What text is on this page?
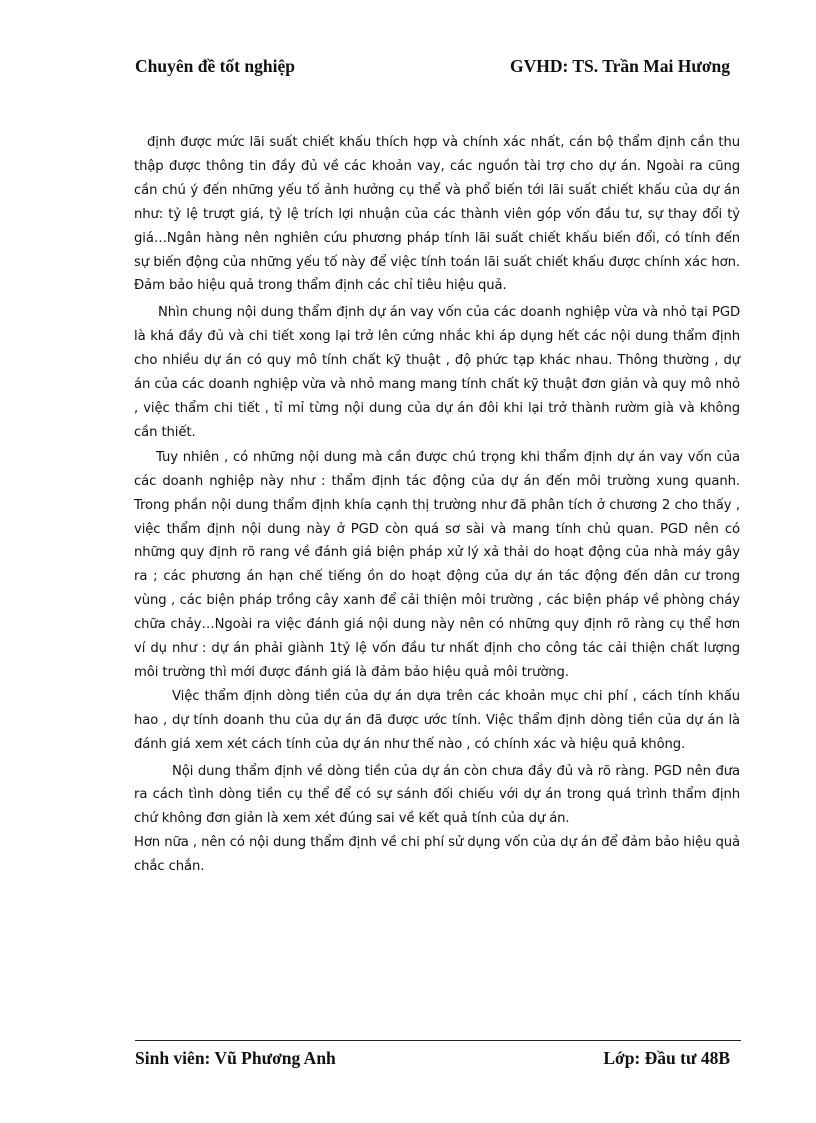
Chuyên đề tốt nghiệp	GVHD: TS. Trần Mai Hương

định được mức lãi suất chiết khấu thích hợp và chính xác nhất, cán bộ thẩm định cần thu thập được thông tin đầy đủ về các khoản vay, các nguồn tài trợ cho dự án. Ngoài ra cũng cần chú ý đến những yếu tố ảnh hưởng cụ thể và phổ biến tới lãi suất chiết khấu của dự án như: tỷ lệ trượt giá, tỷ lệ trích lợi nhuận của các thành viên góp vốn đầu tư, sự thay đổi tỷ giá…Ngân hàng nên nghiên cứu phương pháp tính lãi suất chiết khấu biến đổi, có tính đến sự biến động của những yếu tố này để việc tính toán lãi suất chiết khấu được chính xác hơn. Đảm bảo hiệu quả trong thẩm định các chỉ tiêu hiệu quả.

Nhìn chung nội dung thẩm định dự án vay vốn của các doanh nghiệp vừa và nhỏ tại PGD là khá đầy đủ và chi tiết xong lại trở lên cứng nhắc khi áp dụng hết các nội dung thẩm định cho nhiều dự án có quy mô tính chất kỹ thuật , độ phức tạp khác nhau. Thông thường , dự án của các doanh nghiệp vừa và nhỏ mang mang tính chất kỹ thuật đơn giản và quy mô nhỏ , việc thẩm chi tiết , tỉ mỉ từng nội dung của dự án đôi khi lại trở thành rườm già và không cần thiết.

Tuy nhiên , có những nội dung mà cần được chú trọng khi thẩm định dự án vay vốn của các doanh nghiệp này như : thẩm định tác động của dự án đến môi trường xung quanh. Trong phần nội dung thẩm định khía cạnh thị trường như đã phân tích ở chương 2 cho thấy , việc thẩm định nội dung này ở PGD còn quá sơ sài và mang tính chủ quan. PGD nên có những quy định rõ rang về đánh giá biện pháp xử lý xả thải do hoạt động của nhà máy gây ra ; các phương án hạn chế tiếng ồn do hoạt động của dự án tác động đến dân cư trong vùng , các biện pháp trồng cây xanh để cải thiện môi trường , các biện pháp về phòng cháy chữa chảy…Ngoài ra việc đánh giá nội dung này nên có những quy định rõ ràng cụ thể hơn ví dụ như : dự án phải giành 1tỷ lệ vốn đầu tư nhất định cho công tác cải thiện chất lượng môi trường thì mới được đánh giá là đảm bảo hiệu quả môi trường.

Việc thẩm định dòng tiền của dự án dựa trên các khoản mục chi phí , cách tính khấu hao , dự tính doanh thu của dự án đã được ước tính. Việc thẩm định dòng tiền của dự án là đánh giá xem xét cách tính của dự án như thế nào , có chính xác và hiệu quả không.

Nội dung thẩm định về dòng tiền của dự án còn chưa đầy đủ và rõ ràng. PGD nên đưa ra cách tình dòng tiền cụ thể để có sự sánh đối chiếu với dự án trong quá trình thẩm định chứ không đơn giản là xem xét đúng sai về kết quả tính của dự án.

Hơn nữa , nên có nội dung thẩm định về chi phí sử dụng vốn của dự án để đảm bảo hiệu quả chắc chắn.

Sinh viên: Vũ Phương Anh	Lớp: Đầu tư 48B
